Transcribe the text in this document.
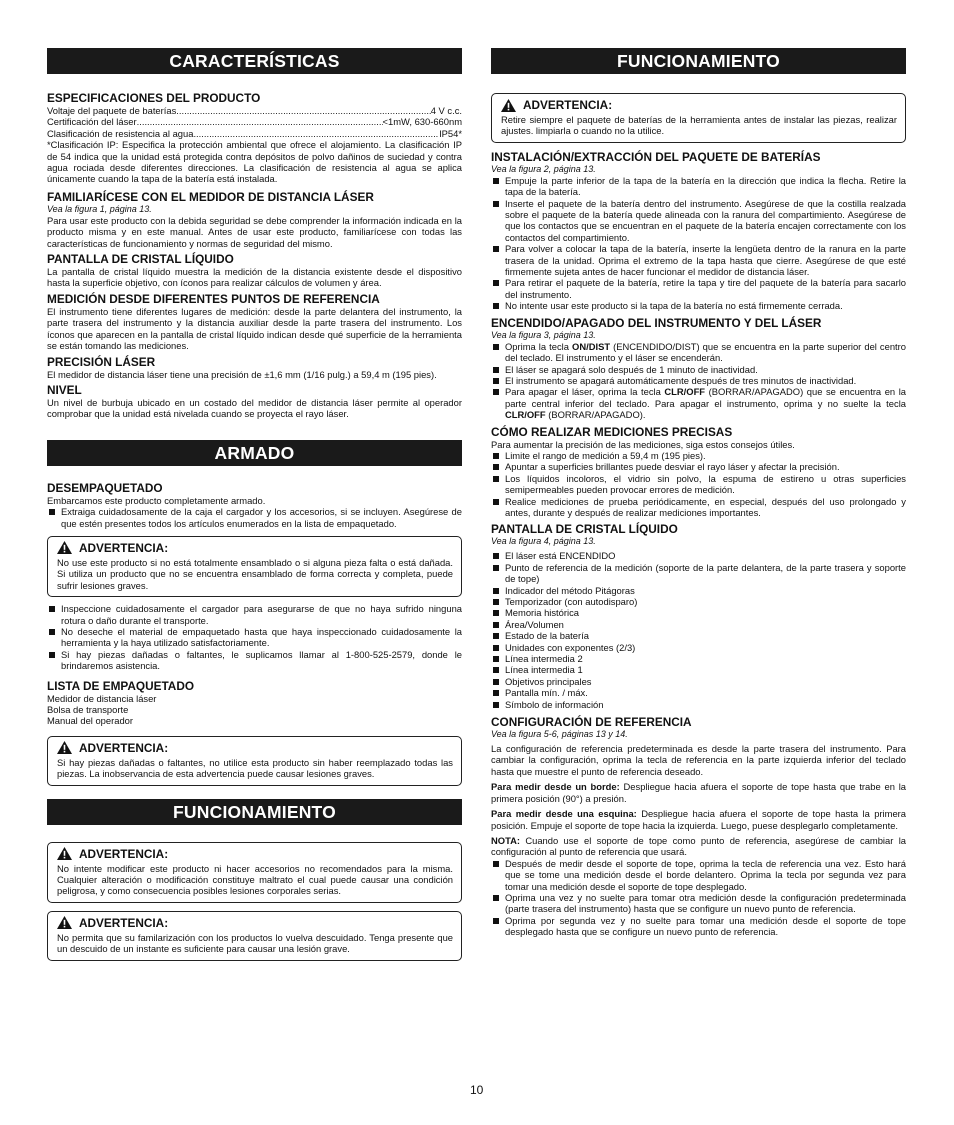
CARACTERÍSTICAS
ESPECIFICACIONES DEL PRODUCTO
Voltaje del paquete de baterías .....	4 V c.c.
Certificación del láser .....	<1mW, 630-660nm
Clasificación de resistencia al agua .....	IP54*

*Clasificación IP: Especifica la protección ambiental que ofrece el alojamiento. La clasificación IP de 54 indica que la unidad está protegida contra depósitos de polvo dañinos de suciedad y contra agua rociada desde diferentes direcciones. La clasificación de resistencia al agua se aplica únicamente cuando la tapa de la batería está instalada.

FAMILIARÍCESE CON EL MEDIDOR DE DISTANCIA LÁSER
Vea la figura 1, página 13.

Para usar este producto con la debida seguridad se debe comprender la información indicada en la producto misma y en este manual. Antes de usar este producto, familiarícese con todas las características de funcionamiento y normas de seguridad del mismo.

PANTALLA DE CRISTAL LÍQUIDO

La pantalla de cristal líquido muestra la medición de la distancia existente desde el dispositivo hasta la superficie objetivo, con íconos para realizar cálculos de volumen y área.

MEDICIÓN DESDE DIFERENTES PUNTOS DE REFERENCIA

El instrumento tiene diferentes lugares de medición: desde la parte delantera del instrumento, la parte trasera del instrumento y la distancia auxiliar desde la parte trasera del instrumento. Los íconos que aparecen en la pantalla de cristal líquido indican desde qué superficie de la herramienta se están tomando las mediciones.

PRECISIÓN LÁSER

El medidor de distancia láser tiene una precisión de ±1,6 mm (1/16 pulg.) a 59,4 m (195 pies).

NIVEL

Un nivel de burbuja ubicado en un costado del medidor de distancia láser permite al operador comprobar que la unidad está nivelada cuando se proyecta el rayo láser.

ARMADO
DESEMPAQUETADO

Embarcamos este producto completamente armado.

Extraiga cuidadosamente de la caja el cargador y los accesorios, si se incluyen. Asegúrese de que estén presentes todos los artículos enumerados en la lista de empaquetado.
ADVERTENCIA:

No use este producto si no está totalmente ensamblado o si alguna pieza falta o está dañada. Si utiliza un producto que no se encuentra ensamblado de forma correcta y completa, puede sufrir lesiones graves.

Inspeccione cuidadosamente el cargador para asegurarse de que no haya sufrido ninguna rotura o daño durante el transporte.
No deseche el material de empaquetado hasta que haya inspeccionado cuidadosamente la herramienta y la haya utilizado satisfactoriamente.
Si hay piezas dañadas o faltantes, le suplicamos llamar al 1-800-525-2579, donde le brindaremos asistencia.
LISTA DE EMPAQUETADO
Medidor de distancia láser
Bolsa de transporte
Manual del operador
ADVERTENCIA:

Si hay piezas dañadas o faltantes, no utilice esta producto sin haber reemplazado todas las piezas. La inobservancia de esta advertencia puede causar lesiones graves.

FUNCIONAMIENTO
ADVERTENCIA:

No intente modificar este producto ni hacer accesorios no recomendados para la misma. Cualquier alteración o modificación constituye maltrato el cual puede causar una condición peligrosa, y como consecuencia posibles lesiones corporales serias.

ADVERTENCIA:

No permita que su familarización con los productos lo vuelva descuidado. Tenga presente que un descuido de un instante es suficiente para causar una lesión grave.

FUNCIONAMIENTO
ADVERTENCIA:

Retire siempre el paquete de baterías de la herramienta antes de instalar las piezas, realizar ajustes. limpiarla o cuando no la utilice.

INSTALACIÓN/EXTRACCIÓN DEL PAQUETE DE BATERÍAS
Vea la figura 2, página 13.
Empuje la parte inferior de la tapa de la batería en la dirección que indica la flecha. Retire la tapa de la batería.
Inserte el paquete de la batería dentro del instrumento. Asegúrese de que la costilla realzada sobre el paquete de la batería quede alineada con la ranura del compartimiento. Asegúrese de que los contactos que se encuentran en el paquete de la batería encajen correctamente con los contactos del compartimiento.
Para volver a colocar la tapa de la batería, inserte la lengüeta dentro de la ranura en la parte trasera de la unidad. Oprima el extremo de la tapa hasta que cierre. Asegúrese de que esté firmemente sujeta antes de hacer funcionar el medidor de distancia láser.
Para retirar el paquete de la batería, retire la tapa y tire del paquete de la batería para sacarlo del instrumento.
No intente usar este producto si la tapa de la batería no está firmemente cerrada.
ENCENDIDO/APAGADO DEL INSTRUMENTO Y DEL LÁSER
Vea la figura 3, página 13.
Oprima la tecla ON/DIST (ENCENDIDO/DIST) que se encuentra en la parte superior del centro del teclado. El instrumento y el láser se encenderán.
El láser se apagará solo después de 1 minuto de inactividad.
El instrumento se apagará automáticamente después de tres minutos de inactividad.
Para apagar el láser, oprima la tecla CLR/OFF (BORRAR/APAGADO) que se encuentra en la parte central inferior del teclado. Para apagar el instrumento, oprima y no suelte la tecla CLR/OFF (BORRAR/APAGADO).
CÓMO REALIZAR MEDICIONES PRECISAS

Para aumentar la precisión de las mediciones, siga estos consejos útiles.

Limite el rango de medición a 59,4 m (195 pies).
Apuntar a superficies brillantes puede desviar el rayo láser y afectar la precisión.
Los líquidos incoloros, el vidrio sin polvo, la espuma de estireno u otras superficies semipermeables pueden provocar errores de medición.
Realice mediciones de prueba periódicamente, en especial, después del uso prolongado y antes, durante y después de realizar mediciones importantes.
PANTALLA DE CRISTAL LÍQUIDO
Vea la figura 4, página 13.
El láser está ENCENDIDO
Punto de referencia de la medición (soporte de la parte delantera, de la parte trasera y soporte de tope)
Indicador del método Pitágoras
Temporizador (con autodisparo)
Memoria histórica
Área/Volumen
Estado de la batería
Unidades con exponentes (2/3)
Línea intermedia 2
Línea intermedia 1
Objetivos principales
Pantalla mín. / máx.
Símbolo de información
CONFIGURACIÓN DE REFERENCIA
Vea la figura 5-6, páginas 13 y 14.

La configuración de referencia predeterminada es desde la parte trasera del instrumento. Para cambiar la configuración, oprima la tecla de referencia en la parte izquierda inferior del teclado hasta que muestre el punto de referencia deseado.

Para medir desde un borde: Despliegue hacia afuera el soporte de tope hasta que trabe en la primera posición (90°) a presión.

Para medir desde una esquina: Despliegue hacia afuera el soporte de tope hasta la primera posición. Empuje el soporte de tope hacia la izquierda. Luego, puese desplegarlo completamente.

NOTA: Cuando use el soporte de tope como punto de referencia, asegúrese de cambiar la configuración al punto de referencia que usará.

Después de medir desde el soporte de tope, oprima la tecla de referencia una vez. Esto hará que se tome una medición desde el borde delantero. Oprima la tecla por segunda vez para tomar una medición desde el soporte de tope desplegado.
Oprima una vez y no suelte para tomar otra medición desde la configuración predeterminada (parte trasera del instrumento) hasta que se configure un nuevo punto de referencia.
Oprima por segunda vez y no suelte para tomar una medición desde el soporte de tope desplegado hasta que se configure un nuevo punto de referencia.
10
